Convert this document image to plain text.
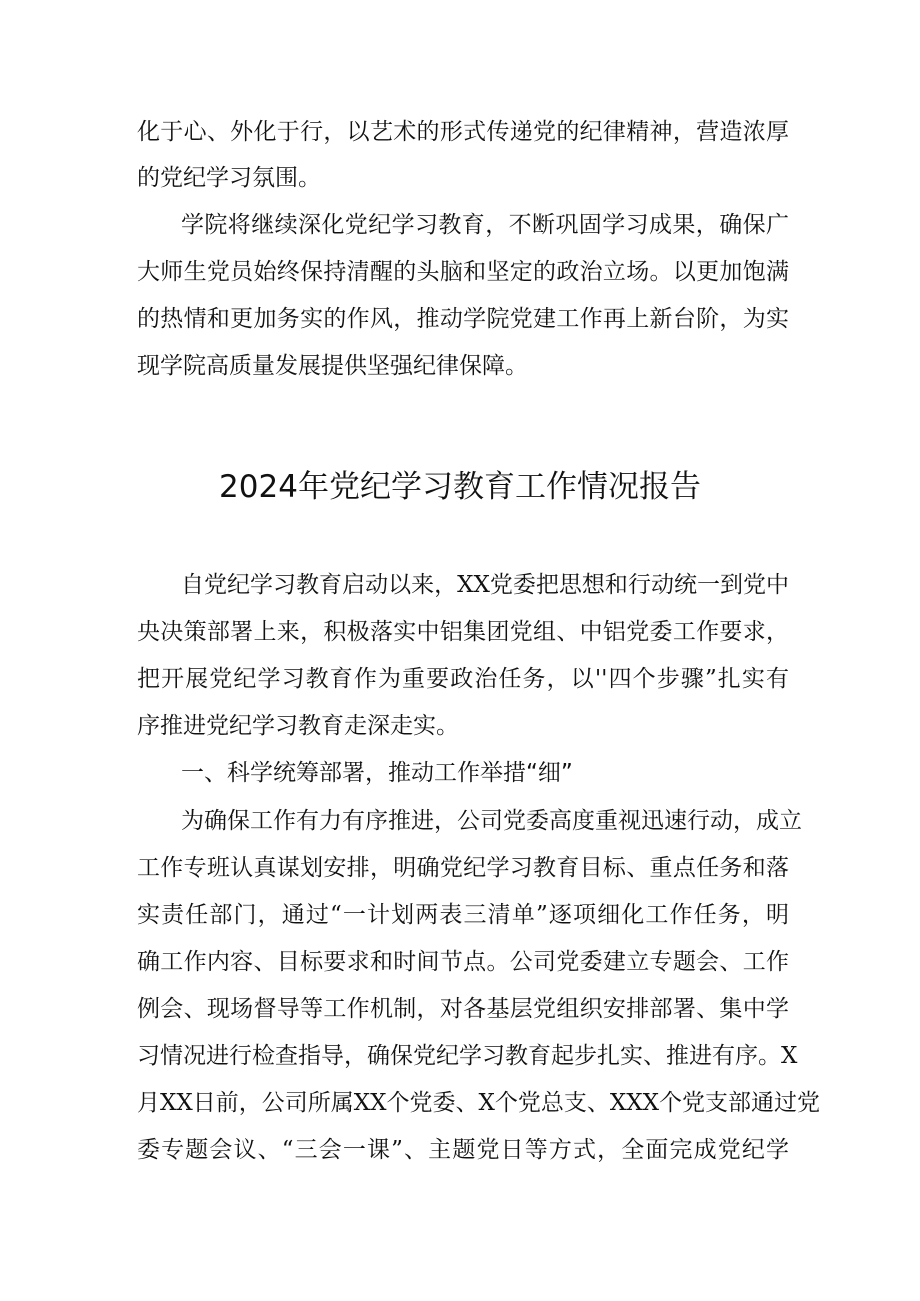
化于心、外化于行，以艺术的形式传递党的纪律精神，营造浓厚
的党纪学习氛围。
学院将继续深化党纪学习教育，不断巩固学习成果，确保广
大师生党员始终保持清醒的头脑和坚定的政治立场。以更加饱满
的热情和更加务实的作风，推动学院党建工作再上新台阶，为实
现学院高质量发展提供坚强纪律保障。
2024年党纪学习教育工作情况报告
自党纪学习教育启动以来，XX党委把思想和行动统一到党中
央决策部署上来，积极落实中铝集团党组、中铝党委工作要求，
把开展党纪学习教育作为重要政治任务，以''四个步骤”扎实有
序推进党纪学习教育走深走实。
一、科学统筹部署，推动工作举措“细”
为确保工作有力有序推进，公司党委高度重视迅速行动，成立
工作专班认真谋划安排，明确党纪学习教育目标、重点任务和落
实责任部门，通过“一计划两表三清单”逐项细化工作任务，明
确工作内容、目标要求和时间节点。公司党委建立专题会、工作
例会、现场督导等工作机制，对各基层党组织安排部署、集中学
习情况进行检查指导，确保党纪学习教育起步扎实、推进有序。X
月XX日前，公司所属XX个党委、X个党总支、XXX个党支部通过党
委专题会议、“三会一课”、主题党日等方式，全面完成党纪学
